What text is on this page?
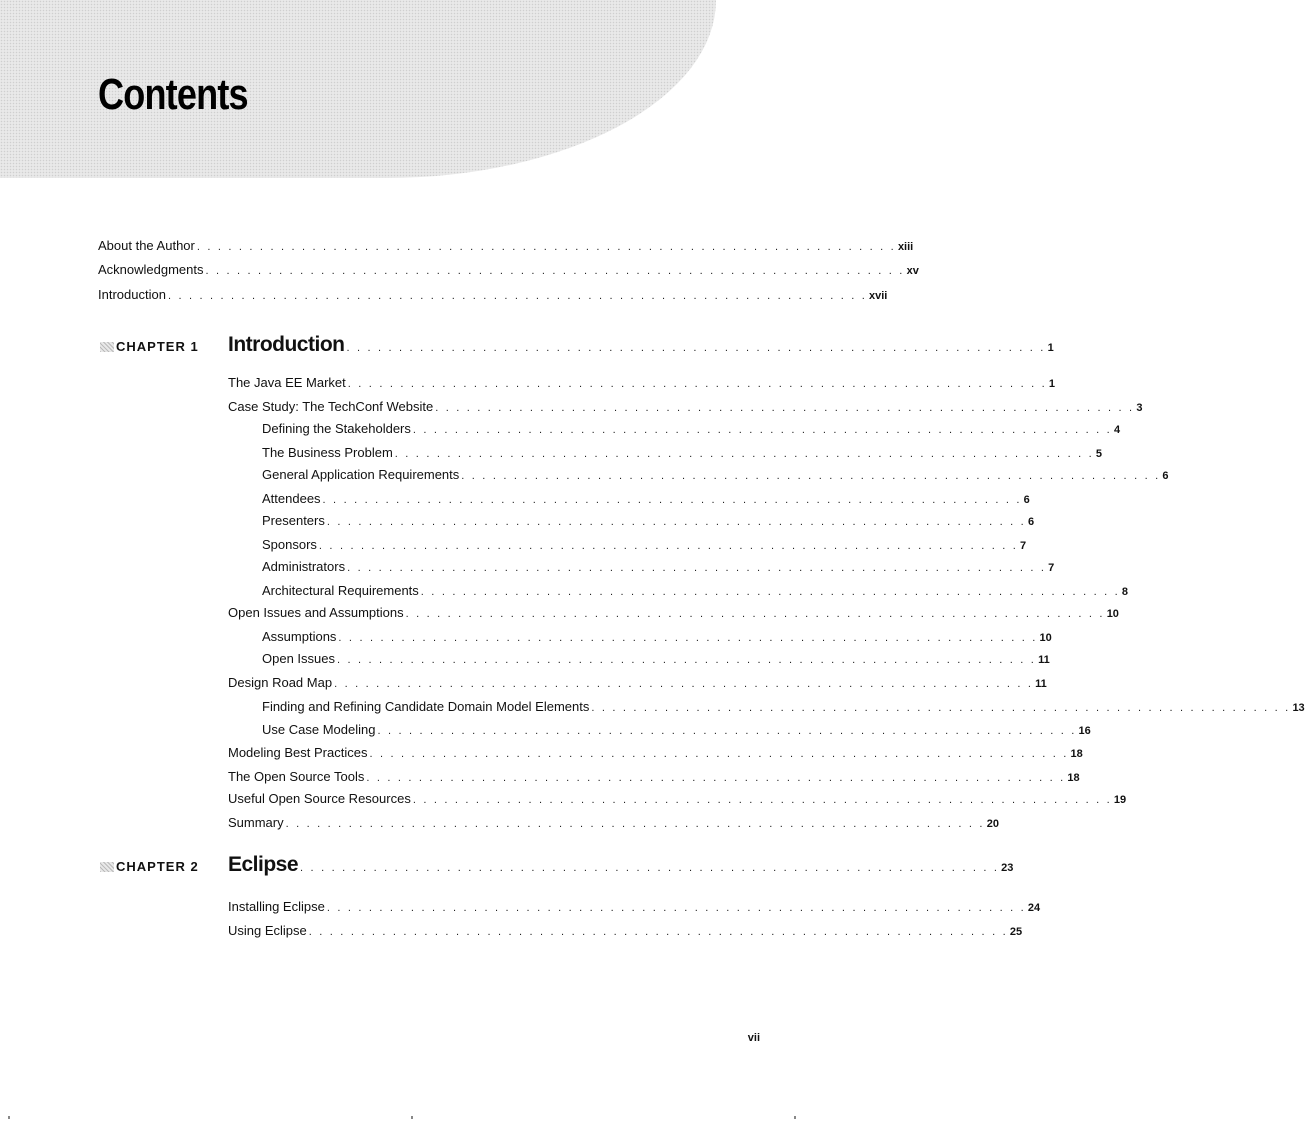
Contents
About the Author . . . . . . . . . . . . . . . . . . . . . . . . . . . . . . . . . . . . . . . . . . . . . . . . . . . . . . . . . . . . . . . . . . . xiii
Acknowledgments . . . . . . . . . . . . . . . . . . . . . . . . . . . . . . . . . . . . . . . . . . . . . . . . . . . . . . . . . . . . . . . . . . . xv
Introduction . . . . . . . . . . . . . . . . . . . . . . . . . . . . . . . . . . . . . . . . . . . . . . . . . . . . . . . . . . . . . . . . . . . xvii
CHAPTER 1 Introduction . . . . . . . . . . . . . . . . . . . . . . . . . . . . . . . . . . . . . . . . . . . . . . . . . . . . . . . . . . . . . . . . . . . 1
The Java EE Market . . . . . . . . . . . . . . . . . . . . . . . . . . . . . . . . . . . . . . . . . . . . . . . . . . . . . . . . . . . . . . . . . . . 1
Case Study: The TechConf Website . . . . . . . . . . . . . . . . . . . . . . . . . . . . . . . . . . . . . . . . . . . . . . . . . . . . . . . . . . . . . . . . . . . 3
Defining the Stakeholders . . . . . . . . . . . . . . . . . . . . . . . . . . . . . . . . . . . . . . . . . . . . . . . . . . . . . . . . . . . . . . . . . . . 4
The Business Problem . . . . . . . . . . . . . . . . . . . . . . . . . . . . . . . . . . . . . . . . . . . . . . . . . . . . . . . . . . . . . . . . . . . 5
General Application Requirements . . . . . . . . . . . . . . . . . . . . . . . . . . . . . . . . . . . . . . . . . . . . . . . . . . . . . . . . . . . . . . . . . . . 6
Attendees . . . . . . . . . . . . . . . . . . . . . . . . . . . . . . . . . . . . . . . . . . . . . . . . . . . . . . . . . . . . . . . . . . . 6
Presenters . . . . . . . . . . . . . . . . . . . . . . . . . . . . . . . . . . . . . . . . . . . . . . . . . . . . . . . . . . . . . . . . . . . 6
Sponsors . . . . . . . . . . . . . . . . . . . . . . . . . . . . . . . . . . . . . . . . . . . . . . . . . . . . . . . . . . . . . . . . . . . 7
Administrators . . . . . . . . . . . . . . . . . . . . . . . . . . . . . . . . . . . . . . . . . . . . . . . . . . . . . . . . . . . . . . . . . . . 7
Architectural Requirements . . . . . . . . . . . . . . . . . . . . . . . . . . . . . . . . . . . . . . . . . . . . . . . . . . . . . . . . . . . . . . . . . . . 8
Open Issues and Assumptions . . . . . . . . . . . . . . . . . . . . . . . . . . . . . . . . . . . . . . . . . . . . . . . . . . . . . . . . . . . . . . . . . . . 10
Assumptions . . . . . . . . . . . . . . . . . . . . . . . . . . . . . . . . . . . . . . . . . . . . . . . . . . . . . . . . . . . . . . . . . . . 10
Open Issues . . . . . . . . . . . . . . . . . . . . . . . . . . . . . . . . . . . . . . . . . . . . . . . . . . . . . . . . . . . . . . . . . . . 11
Design Road Map . . . . . . . . . . . . . . . . . . . . . . . . . . . . . . . . . . . . . . . . . . . . . . . . . . . . . . . . . . . . . . . . . . . 11
Finding and Refining Candidate Domain Model Elements . . . . . . . . . . . . . . . . . . . . . . . . . . . . . . . . . . . . . . . . . . . . . . . . . . . . . . . . . . . . . . . . . . . 13
Use Case Modeling . . . . . . . . . . . . . . . . . . . . . . . . . . . . . . . . . . . . . . . . . . . . . . . . . . . . . . . . . . . . . . . . . . . 16
Modeling Best Practices . . . . . . . . . . . . . . . . . . . . . . . . . . . . . . . . . . . . . . . . . . . . . . . . . . . . . . . . . . . . . . . . . . . 18
The Open Source Tools . . . . . . . . . . . . . . . . . . . . . . . . . . . . . . . . . . . . . . . . . . . . . . . . . . . . . . . . . . . . . . . . . . . 18
Useful Open Source Resources . . . . . . . . . . . . . . . . . . . . . . . . . . . . . . . . . . . . . . . . . . . . . . . . . . . . . . . . . . . . . . . . . . . 19
Summary . . . . . . . . . . . . . . . . . . . . . . . . . . . . . . . . . . . . . . . . . . . . . . . . . . . . . . . . . . . . . . . . . . . 20
CHAPTER 2 Eclipse . . . . . . . . . . . . . . . . . . . . . . . . . . . . . . . . . . . . . . . . . . . . . . . . . . . . . . . . . . . . . . . . . . . 23
Installing Eclipse . . . . . . . . . . . . . . . . . . . . . . . . . . . . . . . . . . . . . . . . . . . . . . . . . . . . . . . . . . . . . . . . . . . 24
Using Eclipse . . . . . . . . . . . . . . . . . . . . . . . . . . . . . . . . . . . . . . . . . . . . . . . . . . . . . . . . . . . . . . . . . . . 25
vii
